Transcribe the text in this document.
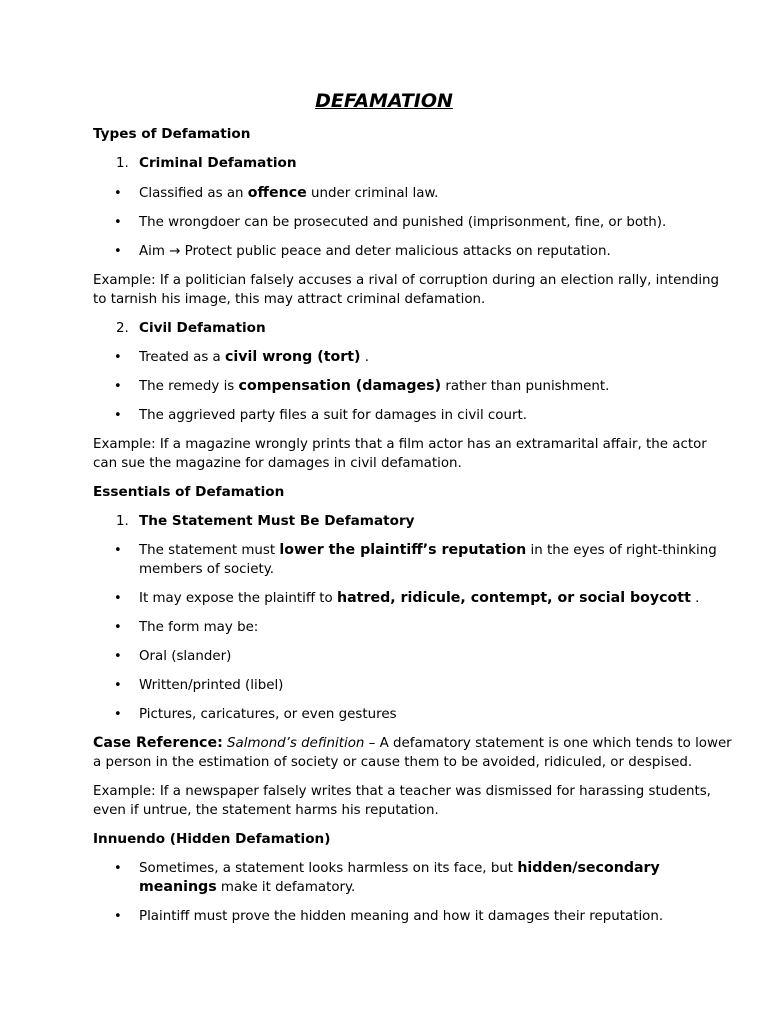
DEFAMATION
Types of Defamation
1. Criminal Defamation
• Classified as an offence under criminal law.
• The wrongdoer can be prosecuted and punished (imprisonment, fine, or both).
• Aim → Protect public peace and deter malicious attacks on reputation.
Example: If a politician falsely accuses a rival of corruption during an election rally, intending
to tarnish his image, this may attract criminal defamation.
2. Civil Defamation
• Treated as a civil wrong (tort) .
• The remedy is compensation (damages) rather than punishment.
• The aggrieved party files a suit for damages in civil court.
Example: If a magazine wrongly prints that a film actor has an extramarital affair, the actor
can sue the magazine for damages in civil defamation.
Essentials of Defamation
1. The Statement Must Be Defamatory
• The statement must lower the plaintiff’s reputation in the eyes of right-thinking
members of society.
• It may expose the plaintiff to hatred, ridicule, contempt, or social boycott .
• The form may be:
• Oral (slander)
• Written/printed (libel)
• Pictures, caricatures, or even gestures
Case Reference: Salmond’s definition – A defamatory statement is one which tends to lower
a person in the estimation of society or cause them to be avoided, ridiculed, or despised.
Example: If a newspaper falsely writes that a teacher was dismissed for harassing students,
even if untrue, the statement harms his reputation.
Innuendo (Hidden Defamation)
• Sometimes, a statement looks harmless on its face, but hidden/secondary
meanings make it defamatory.
• Plaintiff must prove the hidden meaning and how it damages their reputation.
